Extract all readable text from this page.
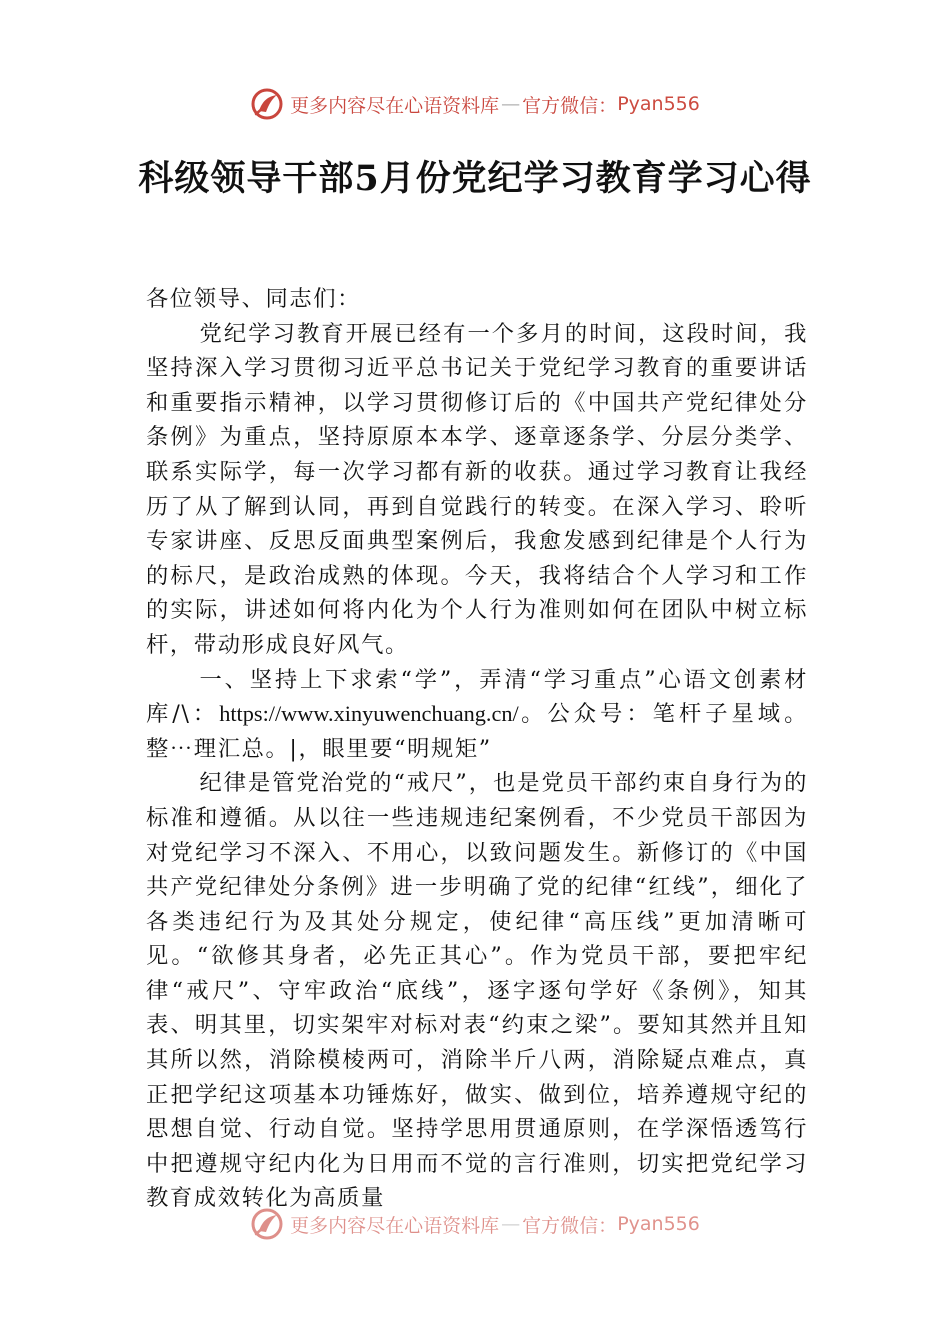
更多内容尽在心语资料库 — 官方微信： Pyan556
科级领导干部5月份党纪学习教育学习心得

各位领导、同志们：

党纪学习教育开展已经有一个多月的时间，这段时间，我坚持深入学习贯彻习近平总书记关于党纪学习教育的重要讲话和重要指示精神，以学习贯彻修订后的《中国共产党纪律处分条例》为重点，坚持原原本本学、逐章逐条学、分层分类学、联系实际学，每一次学习都有新的收获。通过学习教育让我经历了从了解到认同，再到自觉践行的转变。在深入学习、聆听专家讲座、反思反面典型案例后，我愈发感到纪律是个人行为的标尺，是政治成熟的体现。今天，我将结合个人学习和工作的实际，讲述如何将内化为个人行为准则如何在团队中树立标杆，带动形成良好风气。

一、坚持上下求索“学”，弄清“学习重点”心语文创素材库/\：https://www.xinyuwenchuang.cn/。公众号：笔杆子星域。整⋯理汇总。|，眼里要“明规矩”

纪律是管党治党的“戒尺”，也是党员干部约束自身行为的标准和遵循。从以往一些违规违纪案例看，不少党员干部因为对党纪学习不深入、不用心，以致问题发生。新修订的《中国共产党纪律处分条例》进一步明确了党的纪律“红线”，细化了各类违纪行为及其处分规定，使纪律“高压线”更加清晰可见。“欲修其身者，必先正其心”。作为党员干部，要把牢纪律“戒尺”、守牢政治“底线”，逐字逐句学好《条例》，知其表、明其里，切实架牢对标对表“约束之梁”。要知其然并且知其所以然，消除模棱两可，消除半斤八两，消除疑点难点，真正把学纪这项基本功锤炼好，做实、做到位，培养遵规守纪的思想自觉、行动自觉。坚持学思用贯通原则，在学深悟透笃行中把遵规守纪内化为日用而不觉的言行准则，切实把党纪学习教育成效转化为高质量

更多内容尽在心语资料库 — 官方微信： Pyan556
